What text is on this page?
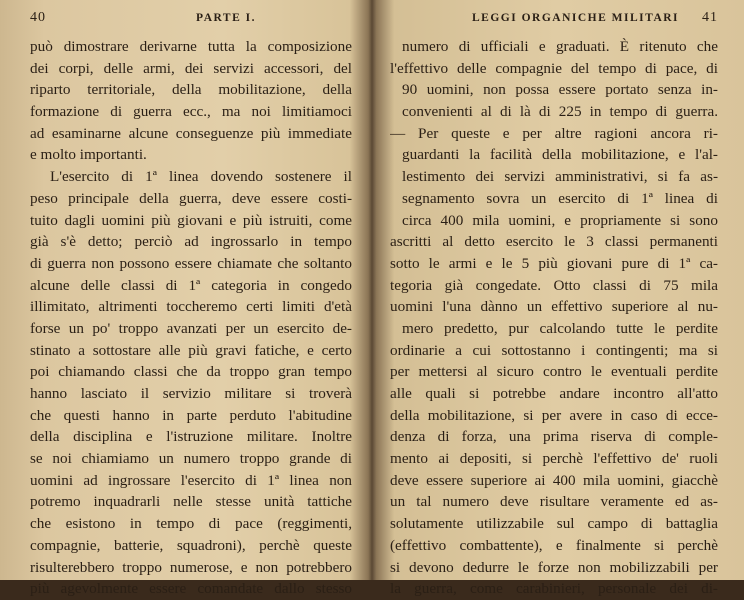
40	PARTE I.
può dimostrare derivarne tutta la composizione
dei corpi, delle armi, dei servizi accessori, del
riparto territoriale, della mobilitazione, della
formazione di guerra ecc., ma noi limitiamoci
ad esaminarne alcune conseguenze più immediate
e molto importanti.
L'esercito di 1ª linea dovendo sostenere il
peso principale della guerra, deve essere costi-
tuito dagli uomini più giovani e più istruiti, come
già s'è detto; perciò ad ingrossarlo in tempo
di guerra non possono essere chiamate che soltanto
alcune delle classi di 1ª categoria in congedo
illimitato, altrimenti toccheremo certi limiti d'età
forse un po' troppo avanzati per un esercito de-
stinato a sottostare alle più gravi fatiche, e certo
poi chiamando classi che da troppo gran tempo
hanno lasciato il servizio militare si troverà
che questi hanno in parte perduto l'abitudine
della disciplina e l'istruzione militare. Inoltre
se noi chiamiamo un numero troppo grande di
uomini ad ingrossare l'esercito di 1ª linea non
potremo inquadrarli nelle stesse unità tattiche
che esistono in tempo di pace (reggimenti,
compagnie, batterie, squadroni), perchè queste
risulterebbero troppo numerose, e non potrebbero
più agevolmente essere comandate dallo stesso
LEGGI ORGANICHE MILITARI 41
numero di ufficiali e graduati. È ritenuto che
l'effettivo delle compagnie del tempo di pace, di
90 uomini, non possa essere portato senza in-
convenienti al di là di 225 in tempo di guerra.
— Per queste e per altre ragioni ancora ri-
guardanti la facilità della mobilitazione, e l'al-
lestimento dei servizi amministrativi, si fa as-
segnamento sovra un esercito di 1ª linea di
circa 400 mila uomini, e propriamente si sono
ascritti al detto esercito le 3 classi permanenti
sotto le armi e le 5 più giovani pure di 1ª ca-
tegoria già congedate. Otto classi di 75 mila
uomini l'una dànno un effettivo superiore al nu-
mero predetto, pur calcolando tutte le perdite
ordinarie a cui sottostanno i contingenti; ma si
per mettersi al sicuro contro le eventuali perdite
alle quali si potrebbe andare incontro all'atto
della mobilitazione, si per avere in caso di ecce-
denza di forza, una prima riserva di comple-
mento ai depositi, si perchè l'effettivo de' ruoli
deve essere superiore ai 400 mila uomini, giacchè
un tal numero deve risultare veramente ed as-
solutamente utilizzabile sul campo di battaglia
(effettivo combattente), e finalmente si perchè
si devono dedurre le forze non mobilizzabili per
la guerra, come carabinieri, personale dei di-
